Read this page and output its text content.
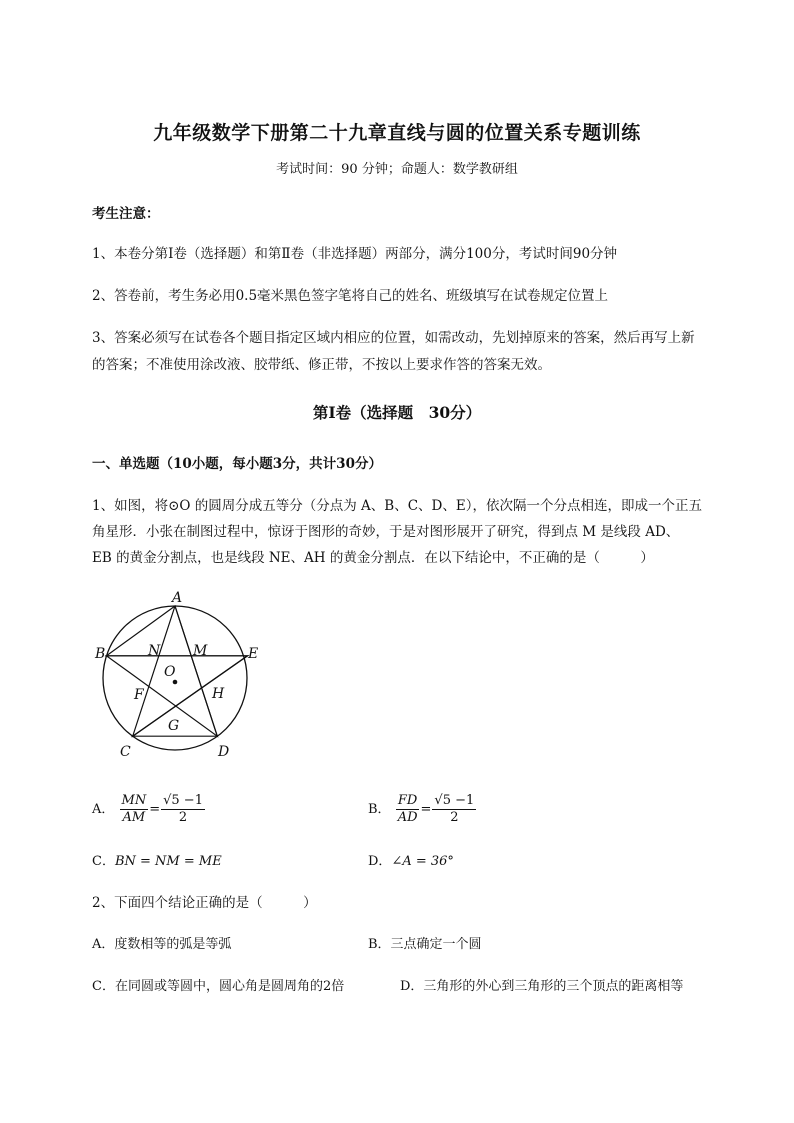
九年级数学下册第二十九章直线与圆的位置关系专题训练
考试时间：90 分钟；命题人：数学教研组
考生注意：
1、本卷分第Ⅰ卷（选择题）和第Ⅱ卷（非选择题）两部分，满分100分，考试时间90分钟
2、答卷前，考生务必用0.5毫米黑色签字笔将自己的姓名、班级填写在试卷规定位置上
3、答案必须写在试卷各个题目指定区域内相应的位置，如需改动，先划掉原来的答案，然后再写上新
的答案；不准使用涂改液、胶带纸、修正带，不按以上要求作答的答案无效。
第Ⅰ卷（选择题　30分）
一、单选题（10小题，每小题3分，共计30分）
1、如图，将⊙O 的圆周分成五等分（分点为 A、B、C、D、E），依次隔一个分点相连，即成一个正五
角星形．小张在制图过程中，惊讶于图形的奇妙，于是对图形展开了研究，得到点 M 是线段 AD、
EB 的黄金分割点，也是线段 NE、AH 的黄金分割点．在以下结论中，不正确的是（　　　）
A
B	E
C	D
N M
O
F	H
G
A． $\frac{MN}{AM} = \frac{√5 -1}{2}$	B． $\frac{FD}{AD} = \frac{√5 -1}{2}$
C．BN = NM = ME	D．∠A = 36°
2、下面四个结论正确的是（　　　）
A．度数相等的弧是等弧	B．三点确定一个圆
C．在同圆或等圆中，圆心角是圆周角的2倍	D．三角形的外心到三角形的三个顶点的距离相等
